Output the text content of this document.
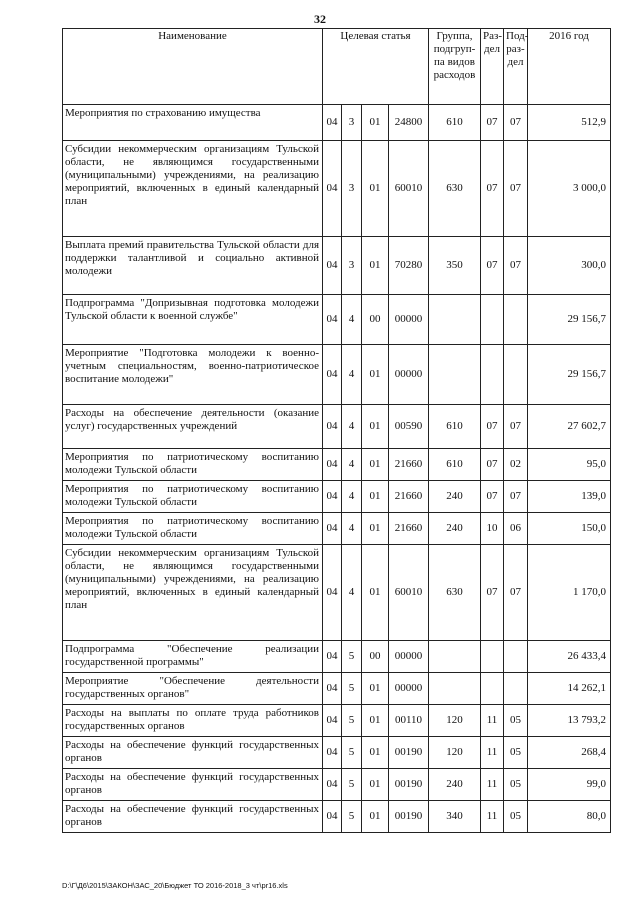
32
Наименование	Целевая статья				Группа, подгруп-па видов расходов	Раз-дел	Под-раз-дел	2016 год
Мероприятия по страхованию имущества	04	3	01	24800	610	07	07	512,9
Субсидии некоммерческим организациям Тульской области, не являющимся государственными (муниципальными) учреждениями, на реализацию мероприятий, включенных в единый календарный план	04	3	01	60010	630	07	07	3 000,0
Выплата премий правительства Тульской области для поддержки талантливой и социально активной молодежи	04	3	01	70280	350	07	07	300,0
Подпрограмма "Допризывная подготовка молодежи Тульской области к военной службе"	04	4	00	00000				29 156,7
Мероприятие "Подготовка молодежи к военно-учетным специальностям, военно-патриотическое воспитание молодежи"	04	4	01	00000				29 156,7
Расходы на обеспечение деятельности (оказание услуг) государственных учреждений	04	4	01	00590	610	07	07	27 602,7
Мероприятия по патриотическому воспитанию молодежи Тульской области	04	4	01	21660	610	07	02	95,0
Мероприятия по патриотическому воспитанию молодежи Тульской области	04	4	01	21660	240	07	07	139,0
Мероприятия по патриотическому воспитанию молодежи Тульской области	04	4	01	21660	240	10	06	150,0
Субсидии некоммерческим организациям Тульской области, не являющимся государственными (муниципальными) учреждениями, на реализацию мероприятий, включенных в единый календарный план	04	4	01	60010	630	07	07	1 170,0
Подпрограмма "Обеспечение реализации государственной программы"	04	5	00	00000				26 433,4
Мероприятие "Обеспечение деятельности государственных органов"	04	5	01	00000				14 262,1
Расходы на выплаты по оплате труда работников государственных органов	04	5	01	00110	120	11	05	13 793,2
Расходы на обеспечение функций государственных органов	04	5	01	00190	120	11	05	268,4
Расходы на обеспечение функций государственных органов	04	5	01	00190	240	11	05	99,0
Расходы на обеспечение функций государственных органов	04	5	01	00190	340	11	05	80,0
D:\Г\Д6\2015\ЗАКОН\ЗАС_20\Бюджет ТО 2016-2018_3 чт\pr16.xls
